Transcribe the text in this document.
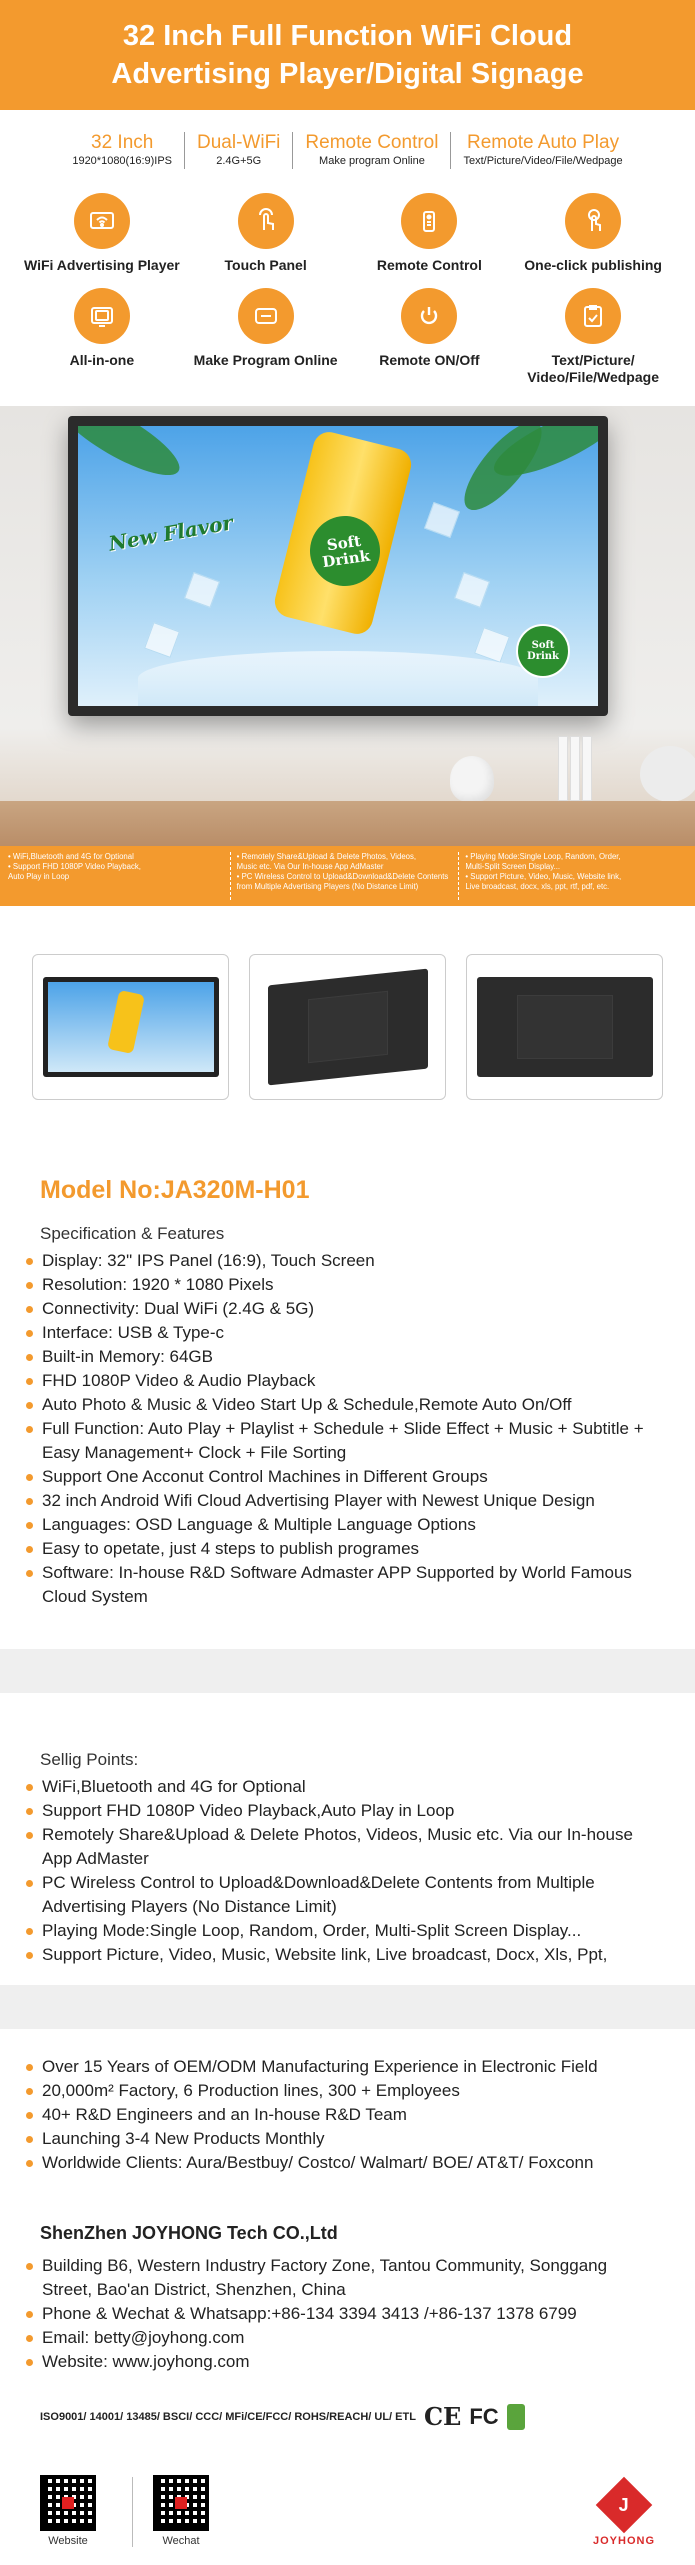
32 Inch Full Function WiFi Cloud
Advertising Player/Digital Signage
32 Inch
1920*1080(16:9)IPS
Dual-WiFi
2.4G+5G
Remote Control
Make program Online
Remote Auto Play
Text/Picture/Video/File/Wedpage
WiFi Advertising Player	Touch Panel	Remote Control	One-click publishing
All-in-one	Make Program Online	Remote ON/Off	Text/Picture/ Video/File/Wedpage
Soft Drink
New Flavor
Soft Drink

• WiFi,Bluetooth and 4G for Optional

• Support FHD 1080P Video Playback,

Auto Play in Loop

• Remotely Share&Upload & Delete Photos, Videos,

Music etc. Via Our In-house App AdMaster

• PC Wireless Control to Upload&Download&Delete Contents

from Multiple Advertising Players (No Distance Limit)

• Playing Mode:Single Loop, Random, Order,

Multi-Split Screen Display...

• Support Picture, Video, Music, Website link,

Live broadcast, docx, xls, ppt, rtf, pdf, etc.

Model No:JA320M-H01
Specification & Features
Display: 32" IPS Panel (16:9), Touch Screen
Resolution: 1920 * 1080 Pixels
Connectivity: Dual WiFi (2.4G & 5G)
Interface: USB & Type-c
Built-in Memory: 64GB
FHD 1080P Video & Audio Playback
Auto Photo & Music & Video Start Up & Schedule,Remote Auto On/Off
Full Function: Auto Play + Playlist + Schedule + Slide Effect + Music + Subtitle + Easy Management+ Clock + File Sorting
Support One Acconut Control Machines in Different Groups
32 inch Android Wifi Cloud Advertising Player with Newest Unique Design
Languages: OSD Language & Multiple Language Options
Easy to opetate, just 4 steps to publish programes
Software: In-house R&D Software Admaster APP Supported by World Famous Cloud System
Sellig Points:
WiFi,Bluetooth and 4G for Optional
Support FHD 1080P Video Playback,Auto Play in Loop
Remotely Share&Upload & Delete Photos, Videos, Music etc. Via our In-house App AdMaster
PC Wireless Control to Upload&Download&Delete Contents from Multiple Advertising Players (No Distance Limit)
Playing Mode:Single Loop, Random, Order, Multi-Split Screen Display...
Support Picture, Video, Music, Website link, Live broadcast, Docx, Xls, Ppt,
Over 15 Years of OEM/ODM Manufacturing Experience in Electronic Field
20,000m² Factory, 6 Production lines, 300 + Employees
40+ R&D Engineers and an In-house R&D Team
Launching 3-4 New Products Monthly
Worldwide Clients: Aura/Bestbuy/ Costco/ Walmart/ BOE/ AT&T/ Foxconn
ShenZhen JOYHONG Tech CO.,Ltd
Building B6, Western Industry Factory Zone, Tantou Community, Songgang Street, Bao'an District, Shenzhen, China
Phone & Wechat & Whatsapp:+86-134 3394 3413 /+86-137 1378 6799
Email: betty@joyhong.com
Website: www.joyhong.com
ISO9001/ 14001/ 13485/ BSCI/ CCC/ MFi/CE/FCC/ ROHS/REACH/ UL/ ETL CE FC
Website	Wechat
J
JOYHONG
